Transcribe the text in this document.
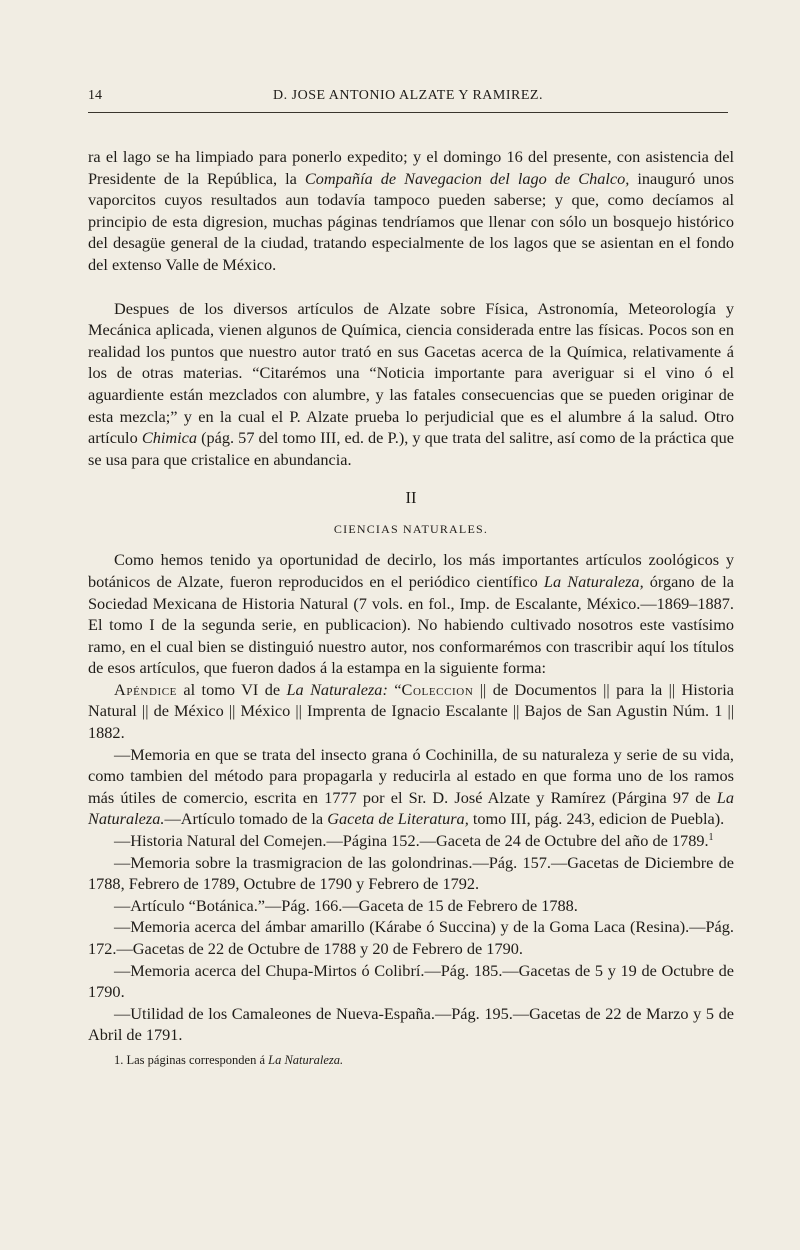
14	D. JOSE ANTONIO ALZATE Y RAMIREZ.

ra el lago se ha limpiado para ponerlo expedito; y el domingo 16 del presente, con asistencia del Presidente de la República, la Compañía de Navegacion del lago de Chalco, inauguró unos vaporcitos cuyos resultados aun todavía tampoco pueden saberse; y que, como decíamos al principio de esta digresion, muchas páginas tendríamos que llenar con sólo un bosquejo histórico del desagüe general de la ciudad, tratando especialmente de los lagos que se asientan en el fondo del extenso Valle de México.

Despues de los diversos artículos de Alzate sobre Física, Astronomía, Meteorología y Mecánica aplicada, vienen algunos de Química, ciencia considerada entre las físicas. Pocos son en realidad los puntos que nuestro autor trató en sus Gacetas acerca de la Química, relativamente á los de otras materias. “Citarémos una “Noticia importante para averiguar si el vino ó el aguardiente están mezclados con alumbre, y las fatales consecuencias que se pueden originar de esta mezcla;” y en la cual el P. Alzate prueba lo perjudicial que es el alumbre á la salud. Otro artículo Chimica (pág. 57 del tomo III, ed. de P.), y que trata del salitre, así como de la práctica que se usa para que cristalice en abundancia.

II
CIENCIAS NATURALES.

Como hemos tenido ya oportunidad de decirlo, los más importantes artículos zoológicos y botánicos de Alzate, fueron reproducidos en el periódico científico La Naturaleza, órgano de la Sociedad Mexicana de Historia Natural (7 vols. en fol., Imp. de Escalante, México.—1869–1887. El tomo I de la segunda serie, en publicacion). No habiendo cultivado nosotros este vastísimo ramo, en el cual bien se distinguió nuestro autor, nos conformarémos con trascribir aquí los títulos de esos artículos, que fueron dados á la estampa en la siguiente forma:

Apéndice al tomo VI de La Naturaleza: “Coleccion || de Documentos || para la || Historia Natural || de México || México || Imprenta de Ignacio Escalante || Bajos de San Agustin Núm. 1 || 1882.

—Memoria en que se trata del insecto grana ó Cochinilla, de su naturaleza y serie de su vida, como tambien del método para propagarla y reducirla al estado en que forma uno de los ramos más útiles de comercio, escrita en 1777 por el Sr. D. José Alzate y Ramírez (Párgina 97 de La Naturaleza.—Artículo tomado de la Gaceta de Literatura, tomo III, pág. 243, edicion de Puebla).

—Historia Natural del Comejen.—Página 152.—Gaceta de 24 de Octubre del año de 1789.$^1$

—Memoria sobre la trasmigracion de las golondrinas.—Pág. 157.—Gacetas de Diciembre de 1788, Febrero de 1789, Octubre de 1790 y Febrero de 1792.

—Artículo “Botánica.”—Pág. 166.—Gaceta de 15 de Febrero de 1788.

—Memoria acerca del ámbar amarillo (Kárabe ó Succina) y de la Goma Laca (Resina).—Pág. 172.—Gacetas de 22 de Octubre de 1788 y 20 de Febrero de 1790.

—Memoria acerca del Chupa-Mirtos ó Colibrí.—Pág. 185.—Gacetas de 5 y 19 de Octubre de 1790.

—Utilidad de los Camaleones de Nueva-España.—Pág. 195.—Gacetas de 22 de Marzo y 5 de Abril de 1791.

1. Las páginas corresponden á La Naturaleza.
